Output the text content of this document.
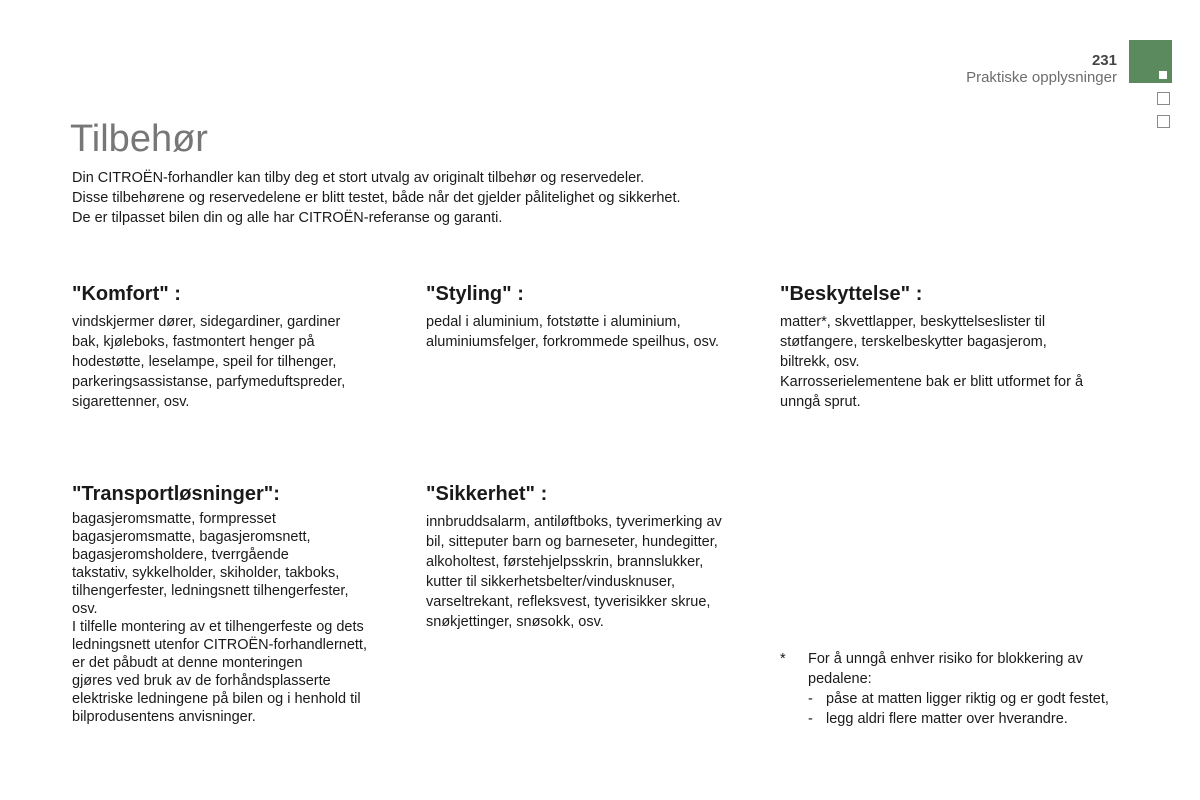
231
Praktiske opplysninger
Tilbehør

Din CITROËN-forhandler kan tilby deg et stort utvalg av originalt tilbehør og reservedeler.

Disse tilbehørene og reservedelene er blitt testet, både når det gjelder pålitelighet og sikkerhet.

De er tilpasset bilen din og alle har CITROËN-referanse og garanti.

"Komfort" :
vindskjermer dører, sidegardiner, gardiner
bak, kjøleboks, fastmontert henger på
hodestøtte, leselampe, speil for tilhenger,
parkeringsassistanse, parfymeduftspreder,
sigarettenner, osv.
"Styling" :
pedal i aluminium, fotstøtte i aluminium,
aluminiumsfelger, forkrommede speilhus, osv.
"Beskyttelse" :
matter*, skvettlapper, beskyttelseslister til
støtfangere, terskelbeskytter bagasjerom,
biltrekk, osv.
Karrosserielementene bak er blitt utformet for å
unngå sprut.
"Transportløsninger":
bagasjeromsmatte, formpresset
bagasjeromsmatte, bagasjeromsnett,
bagasjeromsholdere, tverrgående
takstativ, sykkelholder, skiholder, takboks,
tilhengerfester, ledningsnett tilhengerfester,
osv.
I tilfelle montering av et tilhengerfeste og dets
ledningsnett utenfor CITROËN-forhandlernett,
er det påbudt at denne monteringen
gjøres ved bruk av de forhåndsplasserte
elektriske ledningene på bilen og i henhold til
bilprodusentens anvisninger.
"Sikkerhet" :
innbruddsalarm, antiløftboks, tyverimerking av
bil, sitteputer barn og barneseter, hundegitter,
alkoholtest, førstehjelpsskrin, brannslukker,
kutter til sikkerhetsbelter/vindusknuser,
varseltrekant, refleksvest, tyverisikker skrue,
snøkjettinger, snøsokk, osv.
*	For å unngå enhver risiko for blokkering av pedalene:
- påse at matten ligger riktig og er godt festet,
- legg aldri flere matter over hverandre.
